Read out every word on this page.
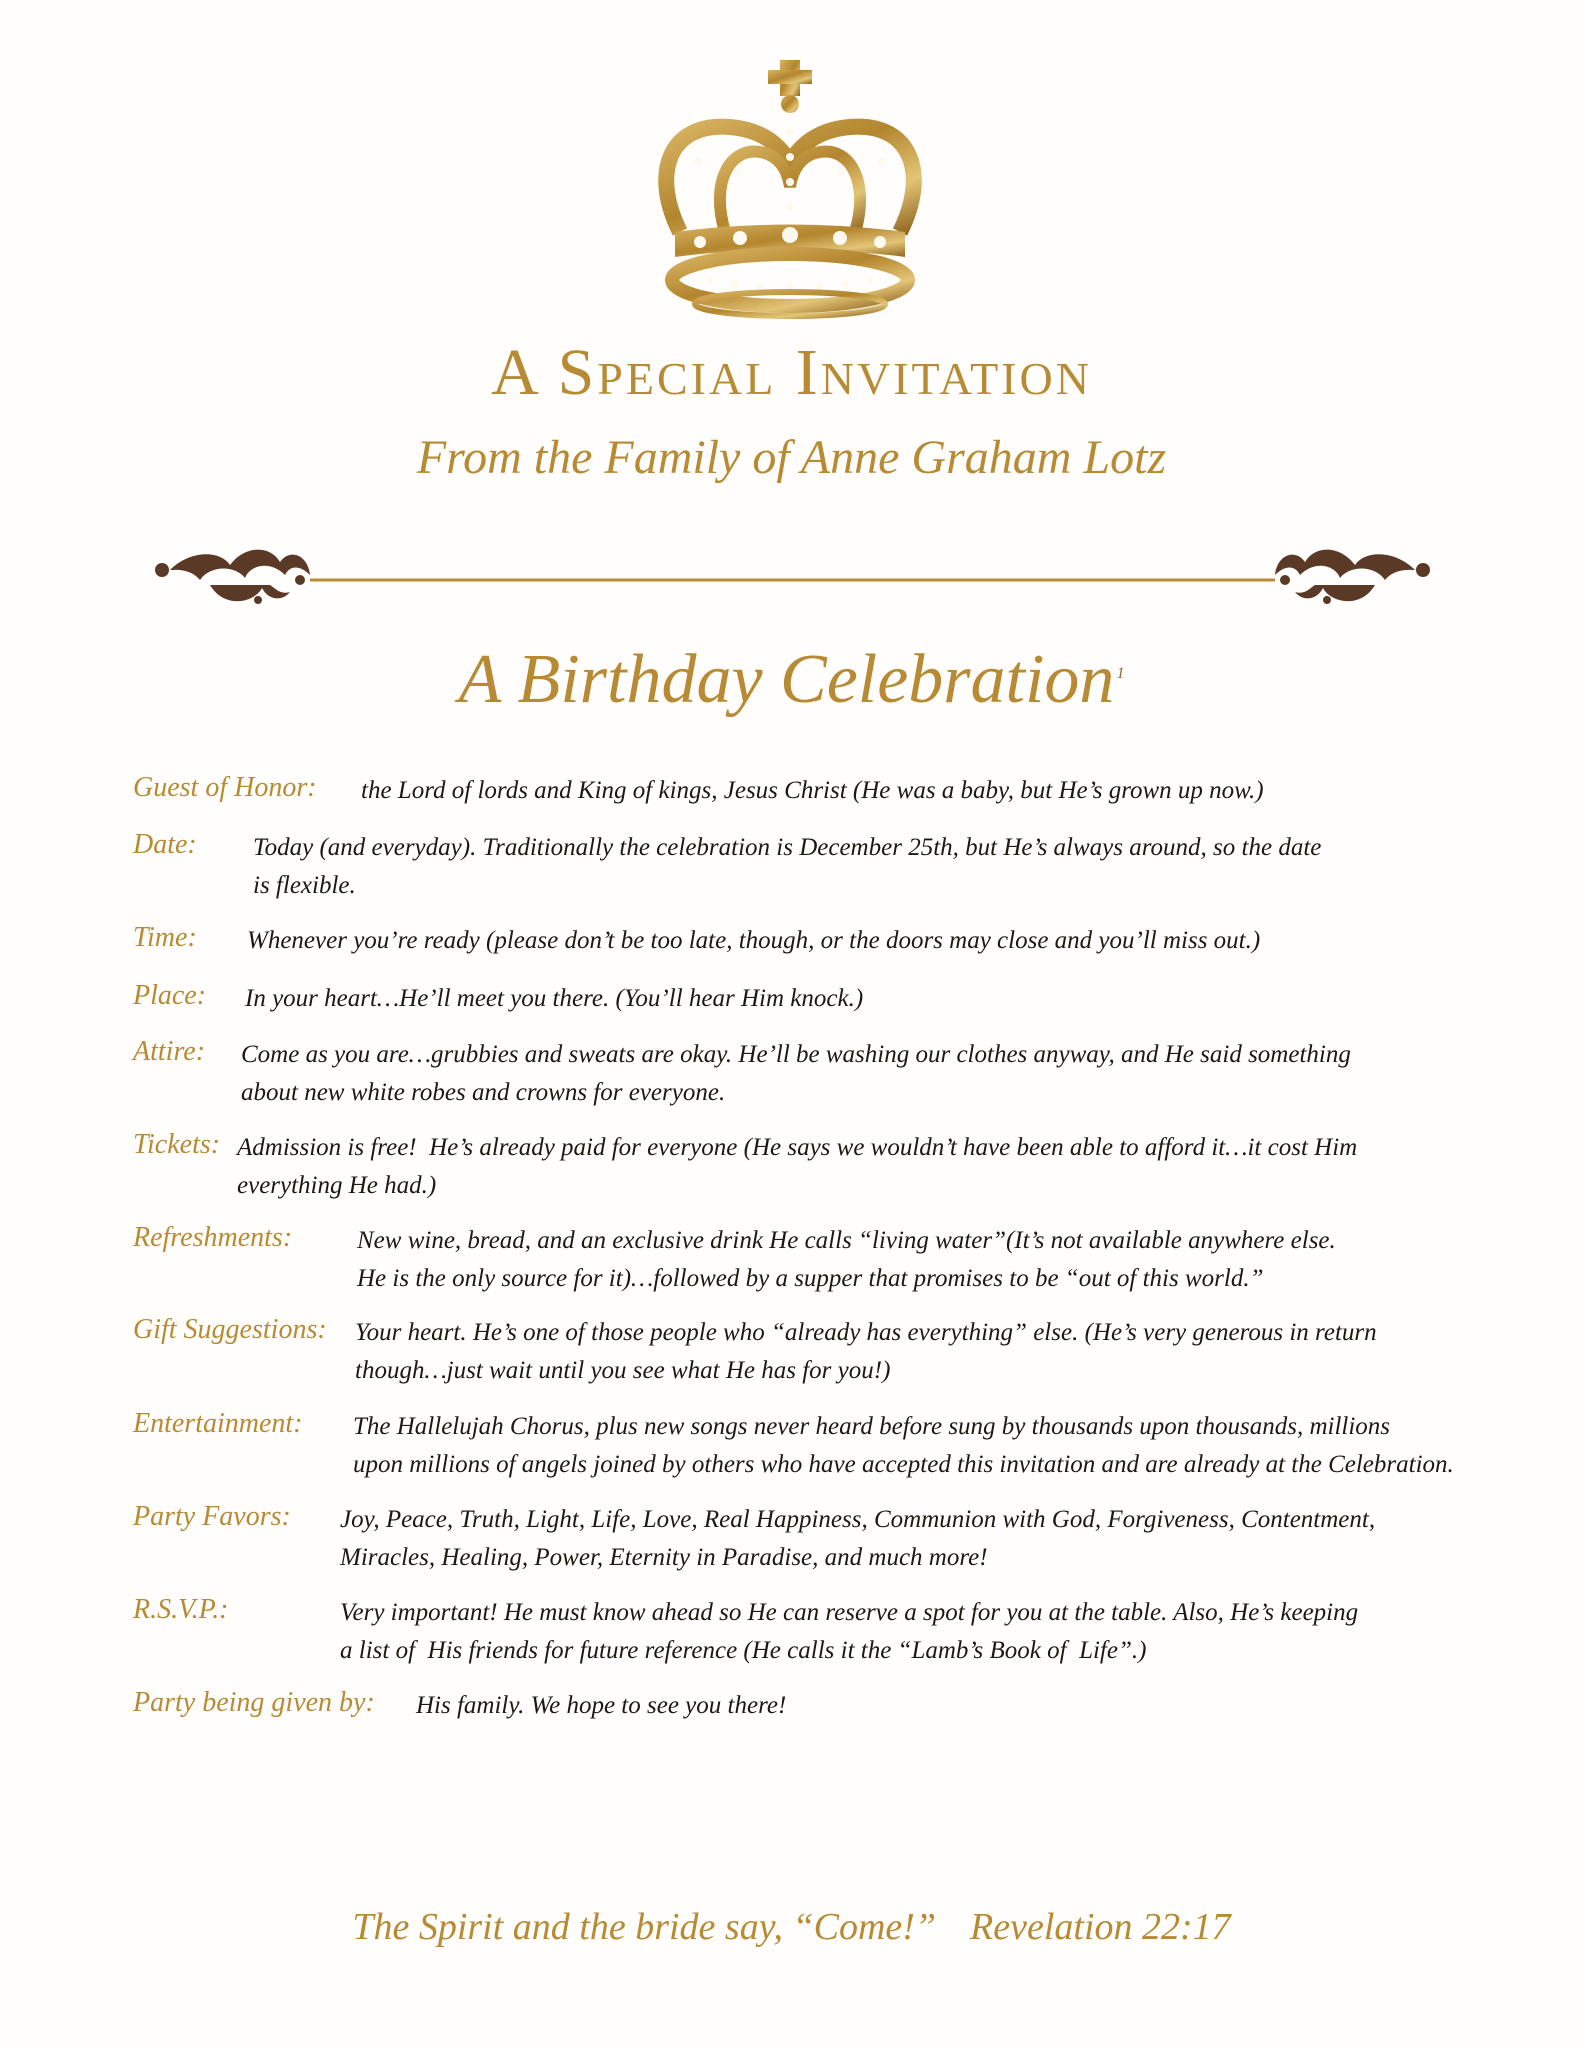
A Special Invitation
From the Family of Anne Graham Lotz
A Birthday Celebration $^1$
Guest of Honor: the Lord of lords and King of kings, Jesus Christ (He was a baby, but He’s grown up now.)
Date: Today (and everyday). Traditionally the celebration is December 25th, but He’s always around, so the date
is flexible.
Time: Whenever you’re ready (please don’t be too late, though, or the doors may close and you’ll miss out.)
Place: In your heart…He’ll meet you there. (You’ll hear Him knock.)
Attire: Come as you are…grubbies and sweats are okay. He’ll be washing our clothes anyway, and He said something
about new white robes and crowns for everyone.
Tickets: Admission is free!  He’s already paid for everyone (He says we wouldn’t have been able to afford it…it cost Him
everything He had.)
Refreshments:	New wine, bread, and an exclusive drink He calls “living water”(It’s not available anywhere else.
He is the only source for it)…followed by a supper that promises to be “out of this world.”
Gift Suggestions: Your heart. He’s one of those people who “already has everything” else. (He’s very generous in return
though…just wait until you see what He has for you!)
Entertainment: The Hallelujah Chorus, plus new songs never heard before sung by thousands upon thousands, millions
upon millions of angels joined by others who have accepted this invitation and are already at the Celebration.
Party Favors: Joy, Peace, Truth, Light, Life, Love, Real Happiness, Communion with God, Forgiveness, Contentment,
Miracles, Healing, Power, Eternity in Paradise, and much more!
R.S.V.P.:	Very important! He must know ahead so He can reserve a spot for you at the table. Also, He’s keeping
a list of  His friends for future reference (He calls it the “Lamb’s Book of  Life”.)
Party being given by: His family. We hope to see you there!
The Spirit and the bride say, “Come!” Revelation 22:17
